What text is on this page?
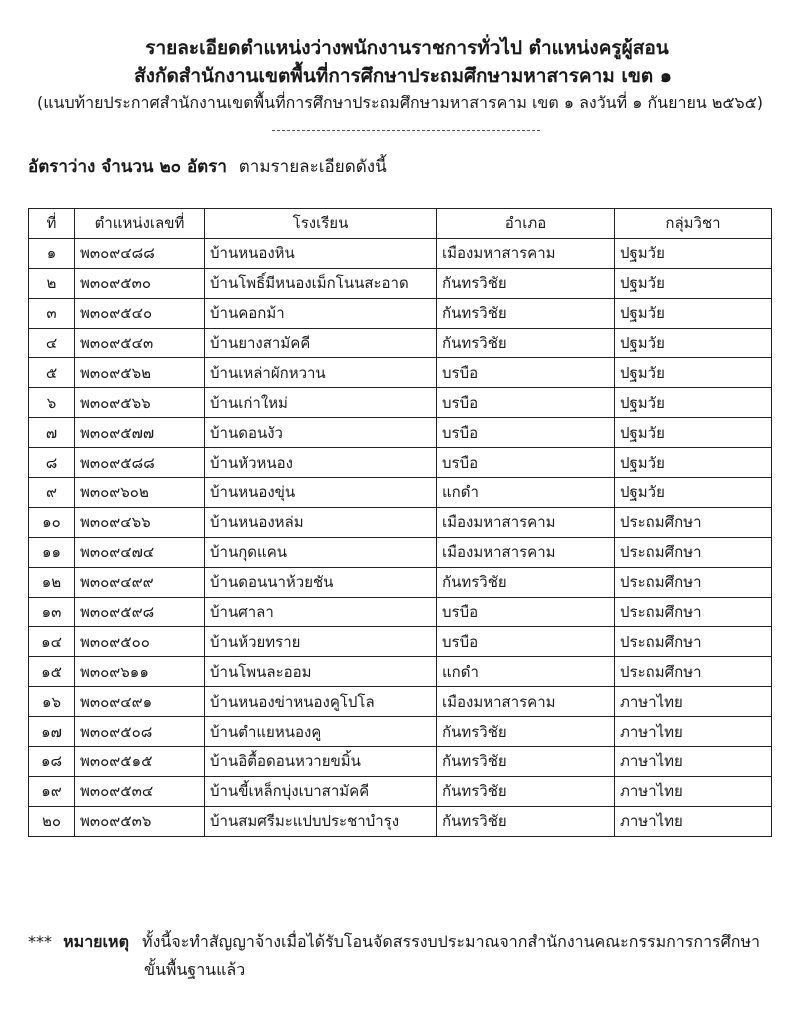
รายละเอียดตำแหน่งว่างพนักงานราชการทั่วไป ตำแหน่งครูผู้สอน
สังกัดสำนักงานเขตพื้นที่การศึกษาประถมศึกษามหาสารคาม เขต ๑
(แนบท้ายประกาศสำนักงานเขตพื้นที่การศึกษาประถมศึกษามหาสารคาม เขต ๑ ลงวันที่ ๑ กันยายน ๒๕๖๕)
อัตราว่าง จำนวน ๒๐ อัตรา ตามรายละเอียดดังนี้
ที่	ตำแหน่งเลขที่	โรงเรียน	อำเภอ	กลุ่มวิชา
๑	พ๓๐๙๔๘๘	บ้านหนองหิน	เมืองมหาสารคาม	ปฐมวัย
๒	พ๓๐๙๕๓๐	บ้านโพธิ์มีหนองเม็กโนนสะอาด	กันทรวิชัย	ปฐมวัย
๓	พ๓๐๙๕๔๐	บ้านคอกม้า	กันทรวิชัย	ปฐมวัย
๔	พ๓๐๙๕๔๓	บ้านยางสามัคคี	กันทรวิชัย	ปฐมวัย
๕	พ๓๐๙๕๖๒	บ้านเหล่าผักหวาน	บรบือ	ปฐมวัย
๖	พ๓๐๙๕๖๖	บ้านเก่าใหม่	บรบือ	ปฐมวัย
๗	พ๓๐๙๕๗๗	บ้านดอนงัว	บรบือ	ปฐมวัย
๘	พ๓๐๙๕๘๘	บ้านหัวหนอง	บรบือ	ปฐมวัย
๙	พ๓๐๙๖๐๒	บ้านหนองขุ่น	แกดำ	ปฐมวัย
๑๐	พ๓๐๙๔๖๖	บ้านหนองหล่ม	เมืองมหาสารคาม	ประถมศึกษา
๑๑	พ๓๐๙๔๗๔	บ้านกุดแคน	เมืองมหาสารคาม	ประถมศึกษา
๑๒	พ๓๐๙๔๙๙	บ้านดอนนาห้วยชัน	กันทรวิชัย	ประถมศึกษา
๑๓	พ๓๐๙๕๙๘	บ้านศาลา	บรบือ	ประถมศึกษา
๑๔	พ๓๐๙๕๐๐	บ้านห้วยทราย	บรบือ	ประถมศึกษา
๑๕	พ๓๐๙๖๑๑	บ้านโพนละออม	แกดำ	ประถมศึกษา
๑๖	พ๓๐๙๔๙๑	บ้านหนองข่าหนองคูโปโล	เมืองมหาสารคาม	ภาษาไทย
๑๗	พ๓๐๙๕๐๘	บ้านตำแยหนองคู	กันทรวิชัย	ภาษาไทย
๑๘	พ๓๐๙๕๑๕	บ้านอิตื้อดอนหวายขมิ้น	กันทรวิชัย	ภาษาไทย
๑๙	พ๓๐๙๕๓๔	บ้านขี้เหล็กบุ่งเบาสามัคคี	กันทรวิชัย	ภาษาไทย
๒๐	พ๓๐๙๕๓๖	บ้านสมศรีมะแปบประชาบำรุง	กันทรวิชัย	ภาษาไทย
*** หมายเหตุ ทั้งนี้จะทำสัญญาจ้างเมื่อได้รับโอนจัดสรรงบประมาณจากสำนักงานคณะกรรมการการศึกษา
ขั้นพื้นฐานแล้ว
